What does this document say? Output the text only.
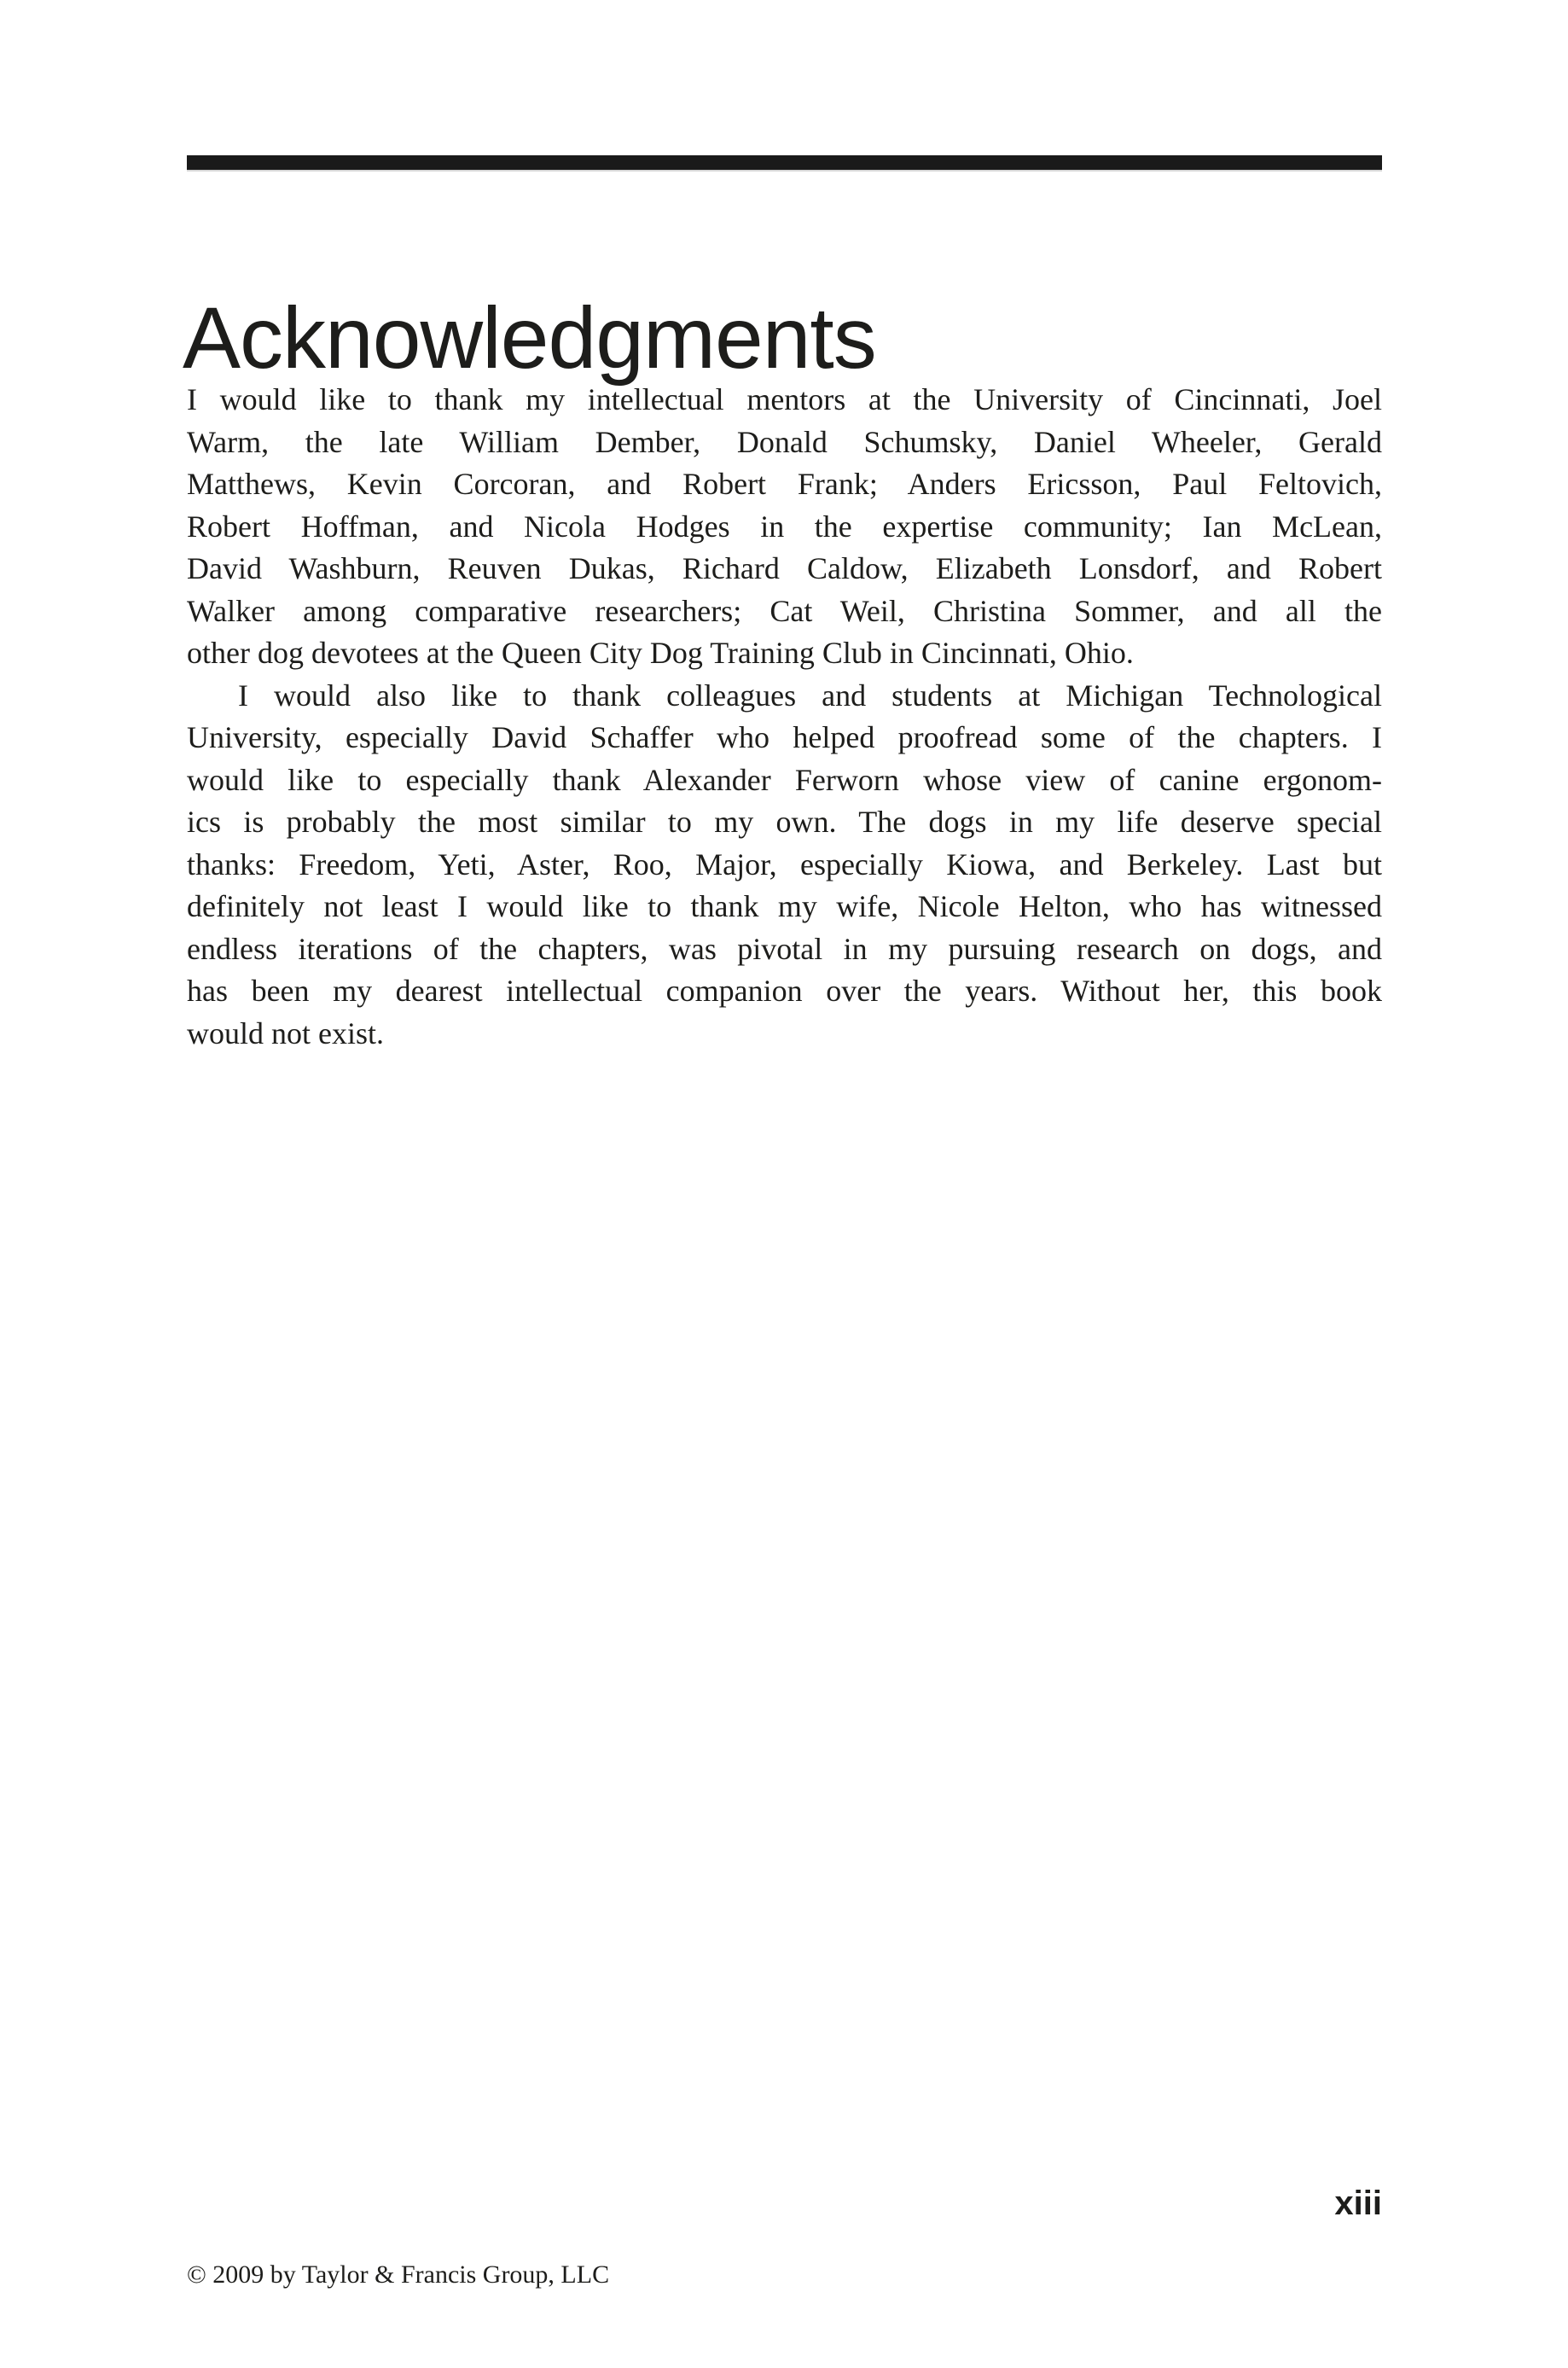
Acknowledgments
I would like to thank my intellectual mentors at the University of Cincinnati, Joel
Warm, the late William Dember, Donald Schumsky, Daniel Wheeler, Gerald
Matthews, Kevin Corcoran, and Robert Frank; Anders Ericsson, Paul Feltovich,
Robert Hoffman, and Nicola Hodges in the expertise community; Ian McLean,
David Washburn, Reuven Dukas, Richard Caldow, Elizabeth Lonsdorf, and Robert
Walker among comparative researchers; Cat Weil, Christina Sommer, and all the
other dog devotees at the Queen City Dog Training Club in Cincinnati, Ohio.
I would also like to thank colleagues and students at Michigan Technological
University, especially David Schaffer who helped proofread some of the chapters. I
would like to especially thank Alexander Ferworn whose view of canine ergonom-
ics is probably the most similar to my own. The dogs in my life deserve special
thanks: Freedom, Yeti, Aster, Roo, Major, especially Kiowa, and Berkeley. Last but
definitely not least I would like to thank my wife, Nicole Helton, who has witnessed
endless iterations of the chapters, was pivotal in my pursuing research on dogs, and
has been my dearest intellectual companion over the years. Without her, this book
would not exist.
xiii
© 2009 by Taylor & Francis Group, LLC
